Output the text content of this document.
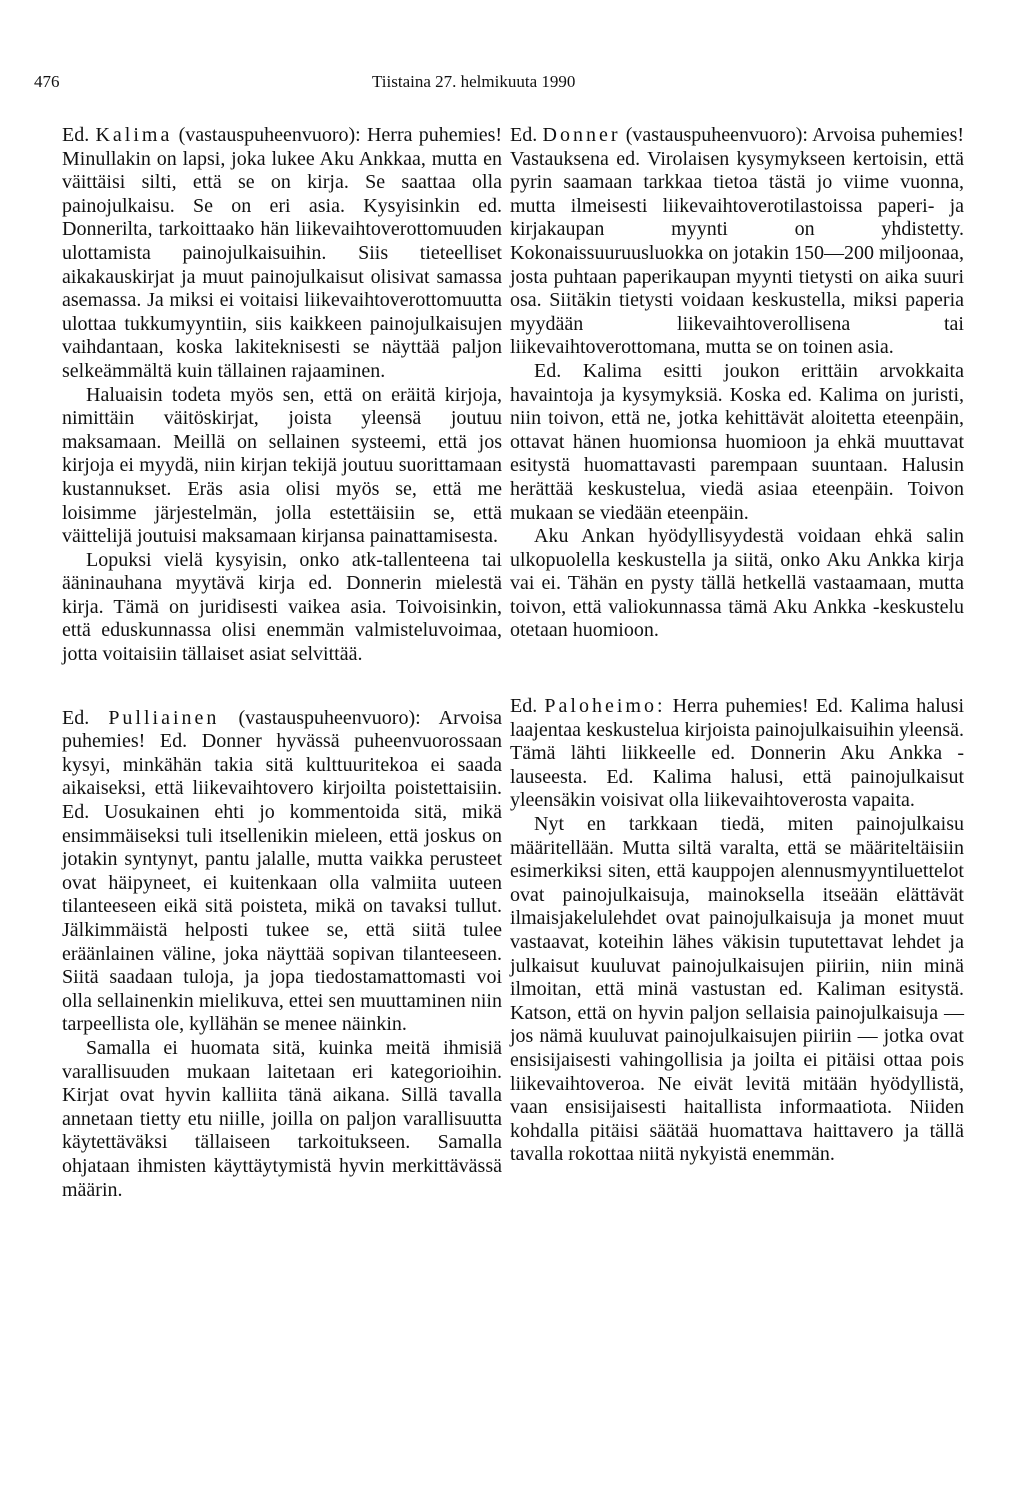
476	Tiistaina 27. helmikuuta 1990

Ed. Kalima (vastauspuheenvuoro): Herra puhemies! Minullakin on lapsi, joka lukee Aku Ankkaa, mutta en väittäisi silti, että se on kirja. Se saattaa olla painojulkaisu. Se on eri asia. Kysyisinkin ed. Donnerilta, tarkoittaako hän liikevaihtoverottomuuden ulottamista painojulkaisuihin. Siis tieteelliset aikakauskirjat ja muut painojulkaisut olisivat samassa asemassa. Ja miksi ei voitaisi liikevaihtoverottomuutta ulottaa tukkumyyntiin, siis kaikkeen painojulkaisujen vaihdantaan, koska lakiteknisesti se näyttää paljon selkeämmältä kuin tällainen rajaaminen.

Haluaisin todeta myös sen, että on eräitä kirjoja, nimittäin väitöskirjat, joista yleensä joutuu maksamaan. Meillä on sellainen systeemi, että jos kirjoja ei myydä, niin kirjan tekijä joutuu suorittamaan kustannukset. Eräs asia olisi myös se, että me loisimme järjestelmän, jolla estettäisiin se, että väittelijä joutuisi maksamaan kirjansa painattamisesta.

Lopuksi vielä kysyisin, onko atk-tallenteena tai ääninauhana myytävä kirja ed. Donnerin mielestä kirja. Tämä on juridisesti vaikea asia. Toivoisinkin, että eduskunnassa olisi enemmän valmisteluvoimaa, jotta voitaisiin tällaiset asiat selvittää.

Ed. Pulliainen (vastauspuheenvuoro): Arvoisa puhemies! Ed. Donner hyvässä puheenvuorossaan kysyi, minkähän takia sitä kulttuuritekoa ei saada aikaiseksi, että liikevaihtovero kirjoilta poistettaisiin. Ed. Uosukainen ehti jo kommentoida sitä, mikä ensimmäiseksi tuli itsellenikin mieleen, että joskus on jotakin syntynyt, pantu jalalle, mutta vaikka perusteet ovat häipyneet, ei kuitenkaan olla valmiita uuteen tilanteeseen eikä sitä poisteta, mikä on tavaksi tullut. Jälkimmäistä helposti tukee se, että siitä tulee eräänlainen väline, joka näyttää sopivan tilanteeseen. Siitä saadaan tuloja, ja jopa tiedostamattomasti voi olla sellainenkin mielikuva, ettei sen muuttaminen niin tarpeellista ole, kyllähän se menee näinkin.

Samalla ei huomata sitä, kuinka meitä ihmisiä varallisuuden mukaan laitetaan eri kategorioihin. Kirjat ovat hyvin kalliita tänä aikana. Sillä tavalla annetaan tietty etu niille, joilla on paljon varallisuutta käytettäväksi tällaiseen tarkoitukseen. Samalla ohjataan ihmisten käyttäytymistä hyvin merkittävässä määrin.

Ed. Donner (vastauspuheenvuoro): Arvoisa puhemies! Vastauksena ed. Virolaisen kysymykseen kertoisin, että pyrin saamaan tarkkaa tietoa tästä jo viime vuonna, mutta ilmeisesti liikevaihtoverotilastoissa paperi- ja kirjakaupan myynti on yhdistetty. Kokonaissuuruusluokka on jotakin 150—200 miljoonaa, josta puhtaan paperikaupan myynti tietysti on aika suuri osa. Siitäkin tietysti voidaan keskustella, miksi paperia myydään liikevaihtoverollisena tai liikevaihtoverottomana, mutta se on toinen asia.

Ed. Kalima esitti joukon erittäin arvokkaita havaintoja ja kysymyksiä. Koska ed. Kalima on juristi, niin toivon, että ne, jotka kehittävät aloitetta eteenpäin, ottavat hänen huomionsa huomioon ja ehkä muuttavat esitystä huomattavasti parempaan suuntaan. Halusin herättää keskustelua, viedä asiaa eteenpäin. Toivon mukaan se viedään eteenpäin.

Aku Ankan hyödyllisyydestä voidaan ehkä salin ulkopuolella keskustella ja siitä, onko Aku Ankka kirja vai ei. Tähän en pysty tällä hetkellä vastaamaan, mutta toivon, että valiokunnassa tämä Aku Ankka -keskustelu otetaan huomioon.

Ed. Paloheimo: Herra puhemies! Ed. Kalima halusi laajentaa keskustelua kirjoista painojulkaisuihin yleensä. Tämä lähti liikkeelle ed. Donnerin Aku Ankka -lauseesta. Ed. Kalima halusi, että painojulkaisut yleensäkin voisivat olla liikevaihtoverosta vapaita.

Nyt en tarkkaan tiedä, miten painojulkaisu määritellään. Mutta siltä varalta, että se määriteltäisiin esimerkiksi siten, että kauppojen alennusmyyntiluettelot ovat painojulkaisuja, mainoksella itseään elättävät ilmaisjakelulehdet ovat painojulkaisuja ja monet muut vastaavat, koteihin lähes väkisin tuputettavat lehdet ja julkaisut kuuluvat painojulkaisujen piiriin, niin minä ilmoitan, että minä vastustan ed. Kaliman esitystä. Katson, että on hyvin paljon sellaisia painojulkaisuja — jos nämä kuuluvat painojulkaisujen piiriin — jotka ovat ensisijaisesti vahingollisia ja joilta ei pitäisi ottaa pois liikevaihtoveroa. Ne eivät levitä mitään hyödyllistä, vaan ensisijaisesti haitallista informaatiota. Niiden kohdalla pitäisi säätää huomattava haittavero ja tällä tavalla rokottaa niitä nykyistä enemmän.
